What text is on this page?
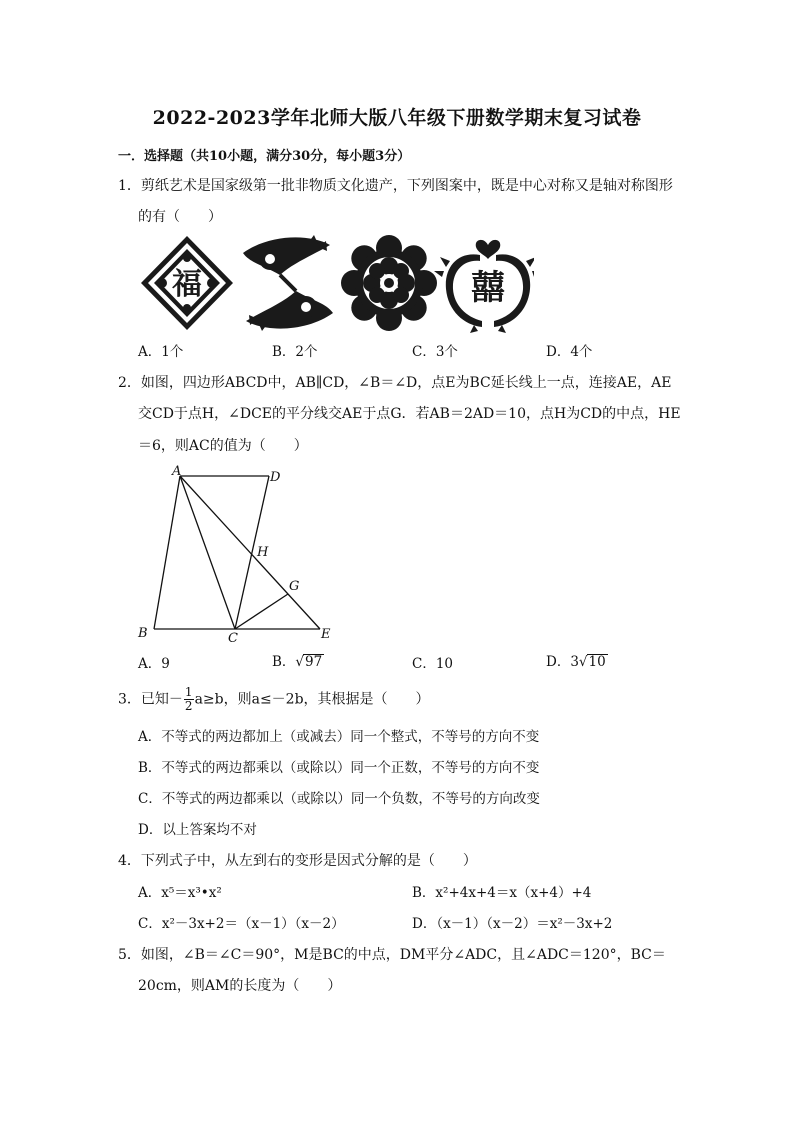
2022-2023学年北师大版八年级下册数学期末复习试卷
一．选择题（共10小题，满分30分，每小题3分）
1．剪纸艺术是国家级第一批非物质文化遗产，下列图案中，既是中心对称又是轴对称图形
的有（　　）
福	囍
A．1个	B．2个	C．3个	D．4个
2．如图，四边形ABCD中，AB∥CD，∠B＝∠D，点E为BC延长线上一点，连接AE，AE
交CD于点H，∠DCE的平分线交AE于点G．若AB＝2AD＝10，点H为CD的中点，HE
＝6，则AC的值为（　　）
A	D
H
G
B	C	E
A．9	B．√97	C．10	D．3√10
3．已知－ $\frac{1}{2} a\ge b$，则a≤－2b，其根据是（　　）
A．不等式的两边都加上（或减去）同一个整式，不等号的方向不变
B．不等式的两边都乘以（或除以）同一个正数，不等号的方向不变
C．不等式的两边都乘以（或除以）同一个负数，不等号的方向改变
D．以上答案均不对
4．下列式子中，从左到右的变形是因式分解的是（　　）
A．x⁵＝x³•x²	B．x²+4x+4＝x（x+4）+4
C．x²－3x+2＝（x－1）（x－2）	D．（x－1）（x－2）＝x²－3x+2
5．如图，∠B＝∠C＝90°，M是BC的中点，DM平分∠ADC，且∠ADC＝120°，BC＝
20cm，则AM的长度为（　　）
